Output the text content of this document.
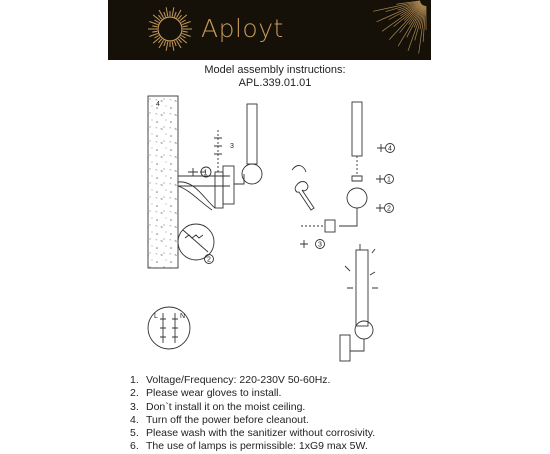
Aployt
Model assembly instructions:
APL.339.01.01
4
3
1
2
L	N
4
1
2
3
1. Voltage/Frequency: 220-230V 50-60Hz.
2. Please wear gloves to install.
3. Don`t install it on the moist ceiling.
4. Turn off the power before cleanout.
5. Please wash with the sanitizer without corrosivity.
6. The use of lamps is permissible: 1xG9 max 5W.
